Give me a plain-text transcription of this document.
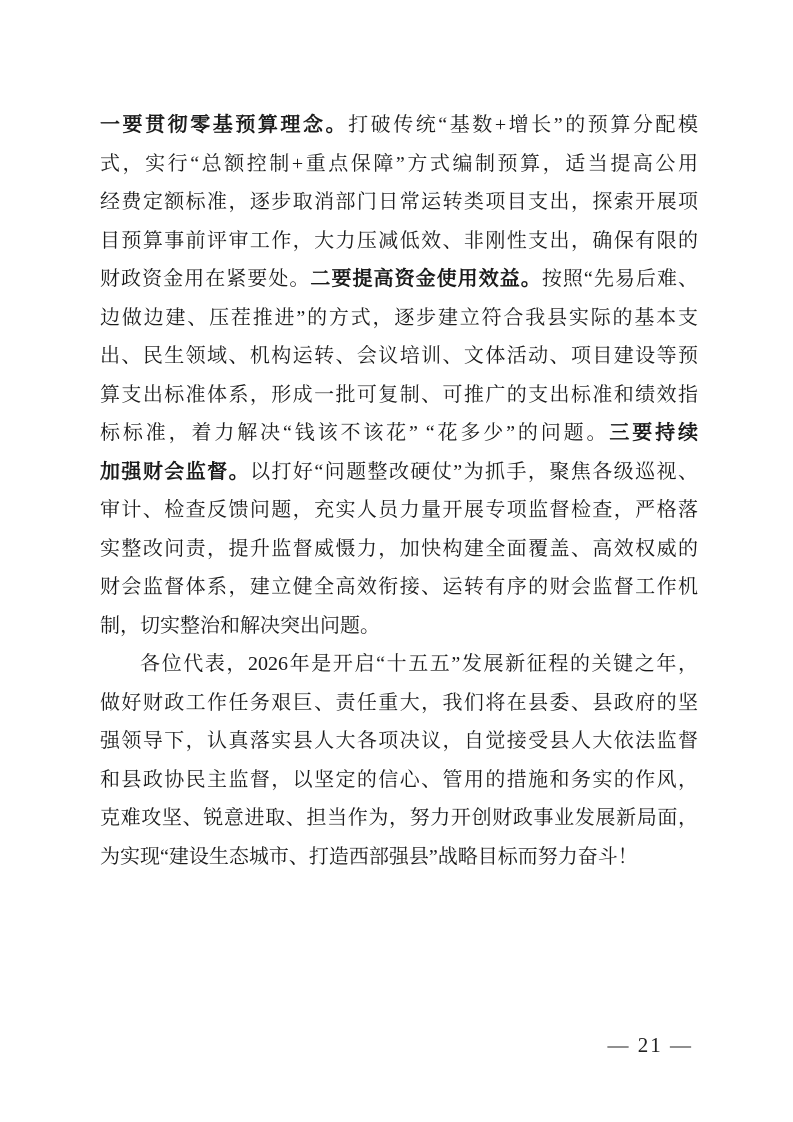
一要贯彻零基预算理念。打破传统“基数+增长”的预算分配模
式，实行“总额控制+重点保障”方式编制预算，适当提高公用
经费定额标准，逐步取消部门日常运转类项目支出，探索开展项
目预算事前评审工作，大力压减低效、非刚性支出，确保有限的
财政资金用在紧要处。二要提高资金使用效益。按照“先易后难、
边做边建、压茬推进”的方式，逐步建立符合我县实际的基本支
出、民生领域、机构运转、会议培训、文体活动、项目建设等预
算支出标准体系，形成一批可复制、可推广的支出标准和绩效指
标标准，着力解决“钱该不该花” “花多少”的问题。三要持续
加强财会监督。以打好“问题整改硬仗”为抓手，聚焦各级巡视、
审计、检查反馈问题，充实人员力量开展专项监督检查，严格落
实整改问责，提升监督威慑力，加快构建全面覆盖、高效权威的
财会监督体系，建立健全高效衔接、运转有序的财会监督工作机
制，切实整治和解决突出问题。
各位代表，2026年是开启“十五五”发展新征程的关键之年，
做好财政工作任务艰巨、责任重大，我们将在县委、县政府的坚
强领导下，认真落实县人大各项决议，自觉接受县人大依法监督
和县政协民主监督，以坚定的信心、管用的措施和务实的作风，
克难攻坚、锐意进取、担当作为，努力开创财政事业发展新局面，
为实现“建设生态城市、打造西部强县”战略目标而努力奋斗！
— 21 —
